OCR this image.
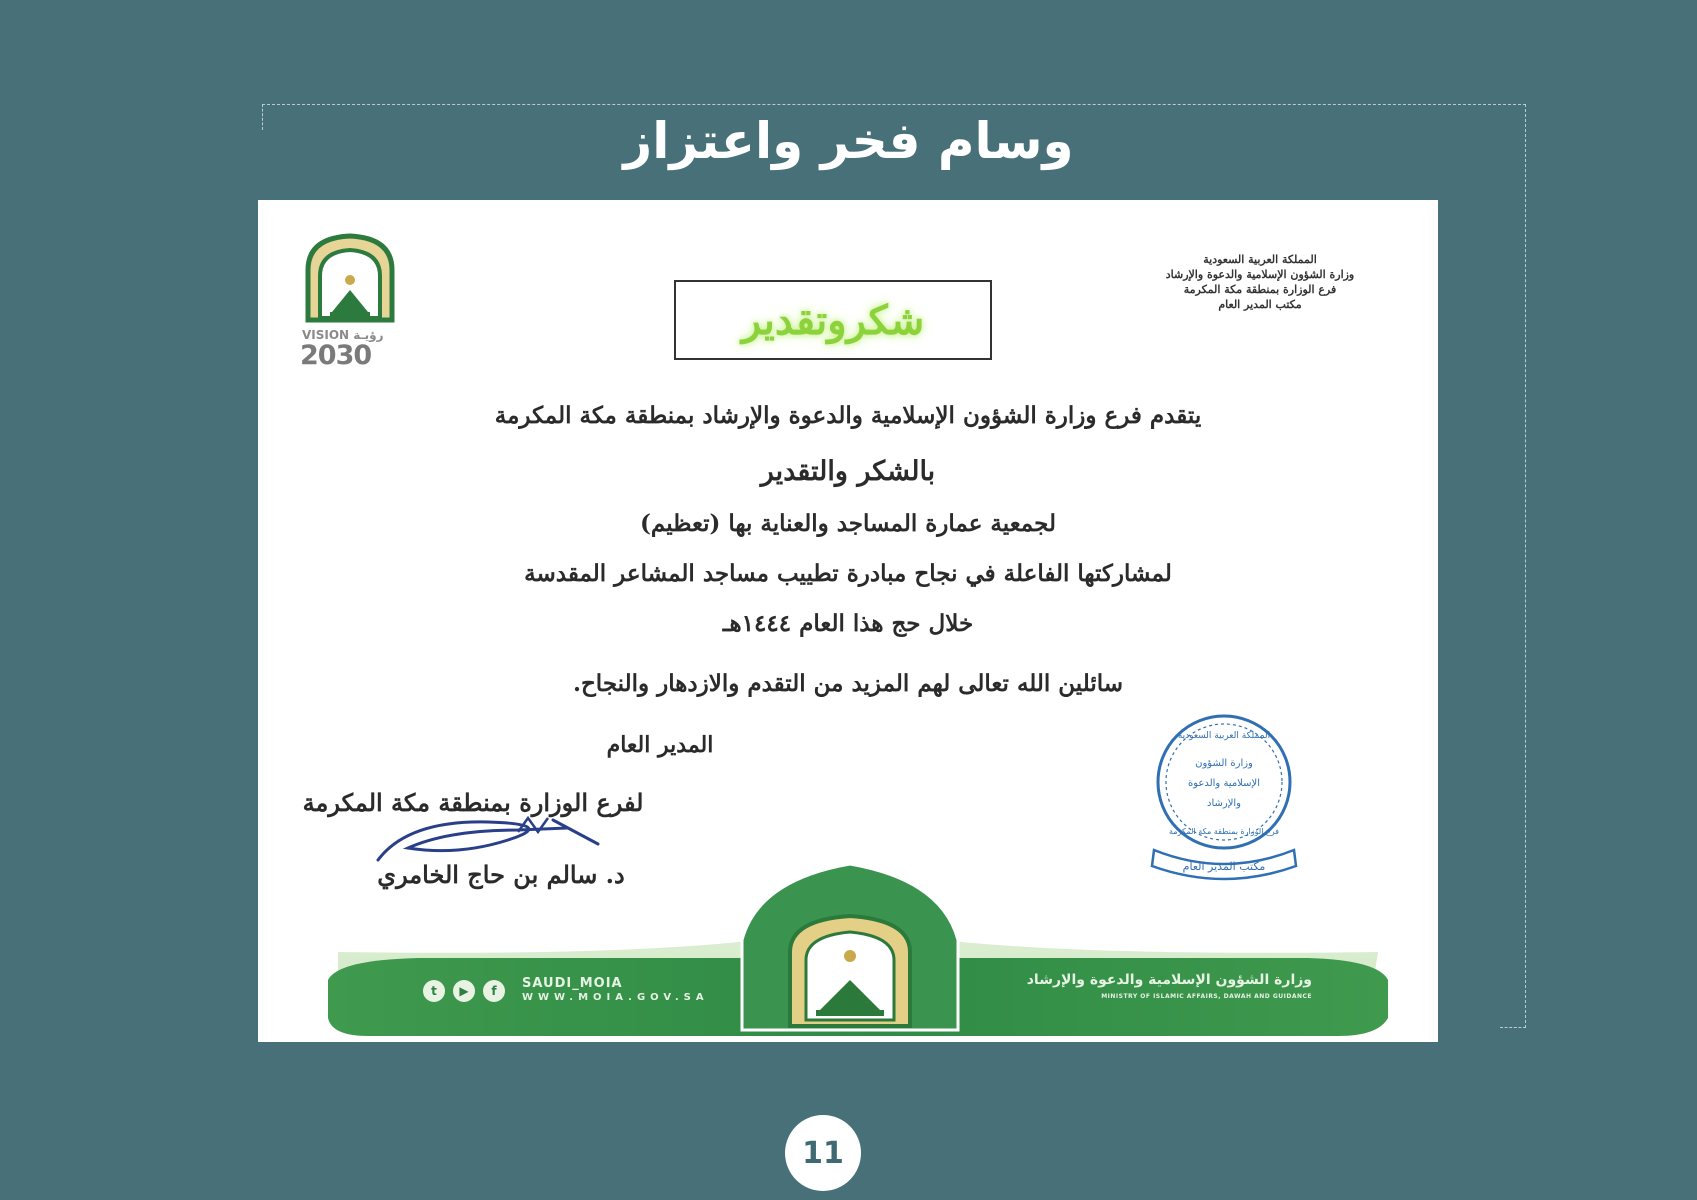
وسام فخر واعتزاز
VISION رؤيـة
2030
المملكة العربية السعودية
وزارة الشؤون الإسلامية والدعوة والإرشاد
فرع الوزارة بمنطقة مكة المكرمة
مكتب المدير العام
شكروتقدير
يتقدم فرع وزارة الشؤون الإسلامية والدعوة والإرشاد بمنطقة مكة المكرمة
بالشكر والتقدير
لجمعية عمارة المساجد والعناية بها (تعظيم)
لمشاركتها الفاعلة في نجاح مبادرة تطييب مساجد المشاعر المقدسة
خلال حج هذا العام ١٤٤٤هـ
سائلين الله تعالى لهم المزيد من التقدم والازدهار والنجاح.
المدير العام
لفرع الوزارة بمنطقة مكة المكرمة
د. سالم بن حاج الخامري
المملكة العربية السعودية
وزارة الشؤون
الإسلامية والدعوة
والإرشاد
فرع الوزارة بمنطقة مكة المكرمة
مكتب المدير العام
t	▶	f	SAUDI_MOIA
WWW.MOIA.GOV.SA
وزارة الشؤون الإسلامية والدعوة والإرشاد
MINISTRY OF ISLAMIC AFFAIRS, DAWAH AND GUIDANCE
11
